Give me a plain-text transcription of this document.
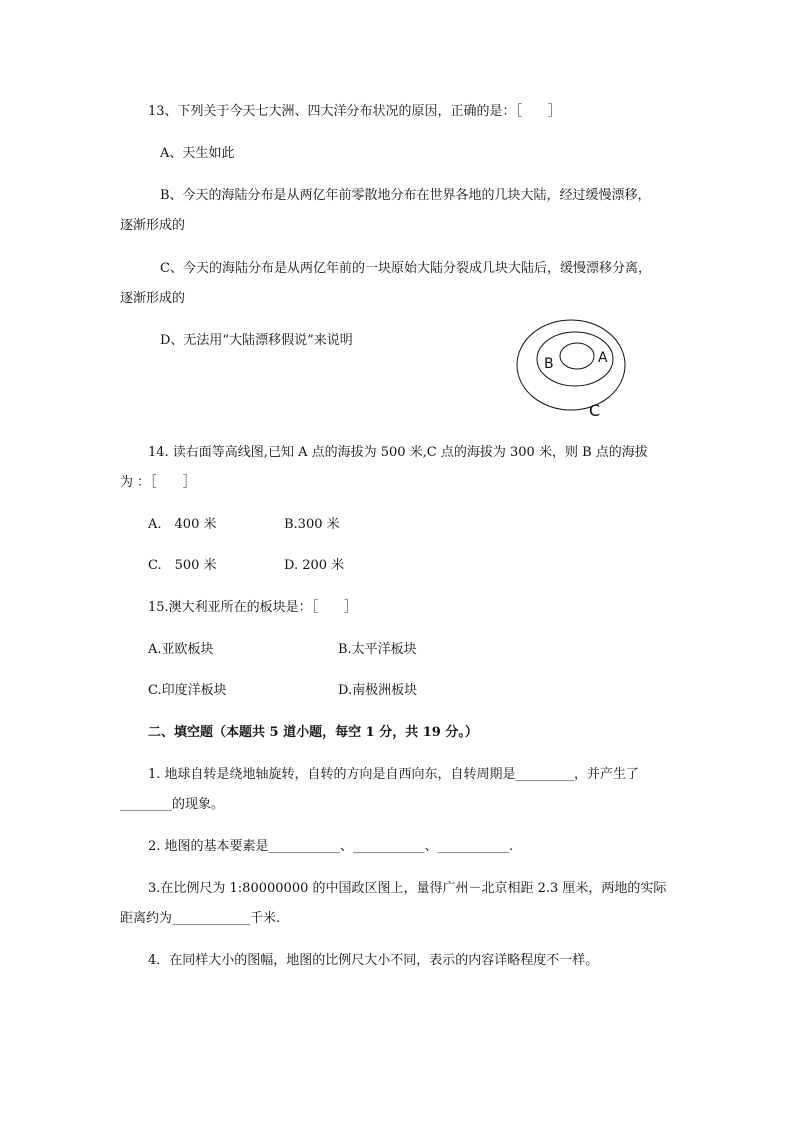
13、下列关于今天七大洲、四大洋分布状况的原因，正确的是：［　　］
A、天生如此
B、今天的海陆分布是从两亿年前零散地分布在世界各地的几块大陆，经过缓慢漂移，
逐渐形成的
C、今天的海陆分布是从两亿年前的一块原始大陆分裂成几块大陆后，缓慢漂移分离，
逐渐形成的
D、无法用“大陆漂移假说”来说明
A
B
C
14. 读右面等高线图,已知 A 点的海拔为 500 米,C 点的海拔为 300 米，则 B 点的海拔
为 ：［　　］
A.　400 米	B.300 米
C.　500 米	D. 200 米
15.澳大利亚所在的板块是：［　　］
A.亚欧板块	B.太平洋板块
C.印度洋板块	D.南极洲板块
二、填空题（本题共 5 道小题，每空 1 分，共 19 分。）
1. 地球自转是绕地轴旋转，自转的方向是自西向东，自转周期是_________，并产生了
________的现象。
2. 地图的基本要素是___________、___________、___________.
3.在比例尺为 1:80000000 的中国政区图上，量得广州－北京相距 2.3 厘米，两地的实际
距离约为____________千米.
4．在同样大小的图幅，地图的比例尺大小不同，表示的内容详略程度不一样。
